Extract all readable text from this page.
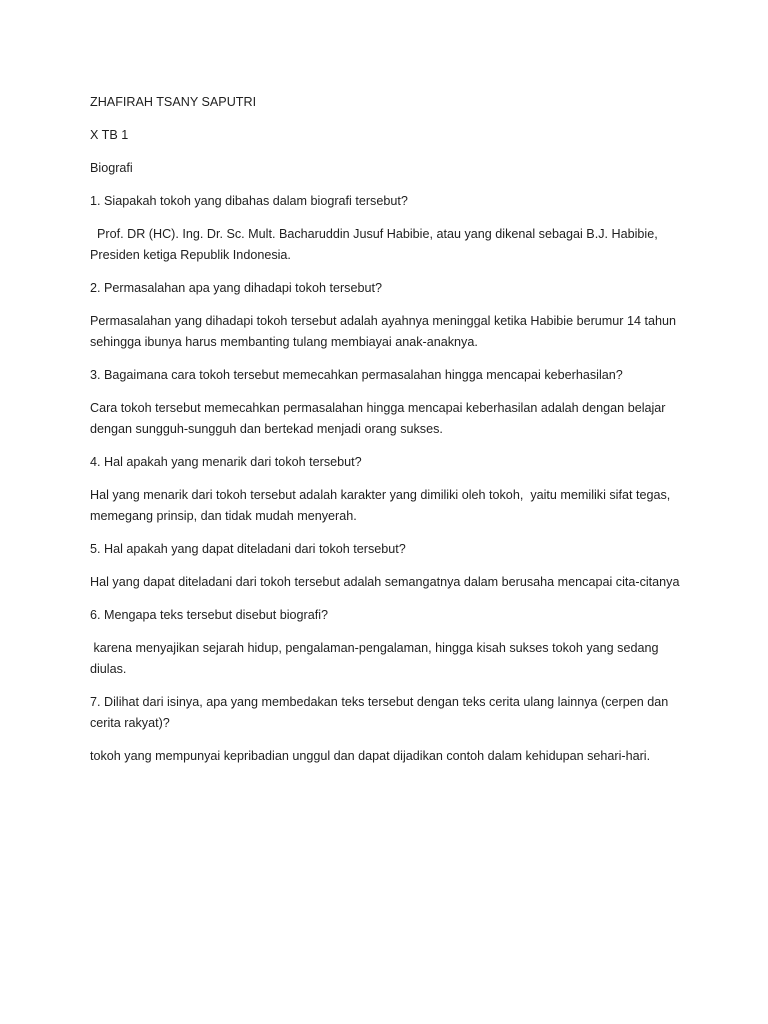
ZHAFIRAH TSANY SAPUTRI

X TB 1

Biografi

1. Siapakah tokoh yang dibahas dalam biografi tersebut?

Prof. DR (HC). Ing. Dr. Sc. Mult. Bacharuddin Jusuf Habibie, atau yang dikenal sebagai B.J. Habibie, Presiden ketiga Republik Indonesia.

2. Permasalahan apa yang dihadapi tokoh tersebut?

Permasalahan yang dihadapi tokoh tersebut adalah ayahnya meninggal ketika Habibie berumur 14 tahun sehingga ibunya harus membanting tulang membiayai anak-anaknya.

3. Bagaimana cara tokoh tersebut memecahkan permasalahan hingga mencapai keberhasilan?

Cara tokoh tersebut memecahkan permasalahan hingga mencapai keberhasilan adalah dengan belajar dengan sungguh-sungguh dan bertekad menjadi orang sukses.

4. Hal apakah yang menarik dari tokoh tersebut?

Hal yang menarik dari tokoh tersebut adalah karakter yang dimiliki oleh tokoh,  yaitu memiliki sifat tegas, memegang prinsip, dan tidak mudah menyerah.

5. Hal apakah yang dapat diteladani dari tokoh tersebut?

Hal yang dapat diteladani dari tokoh tersebut adalah semangatnya dalam berusaha mencapai cita-citanya

6. Mengapa teks tersebut disebut biografi?

karena menyajikan sejarah hidup, pengalaman-pengalaman, hingga kisah sukses tokoh yang sedang diulas.

7. Dilihat dari isinya, apa yang membedakan teks tersebut dengan teks cerita ulang lainnya (cerpen dan cerita rakyat)?

tokoh yang mempunyai kepribadian unggul dan dapat dijadikan contoh dalam kehidupan sehari-hari.
